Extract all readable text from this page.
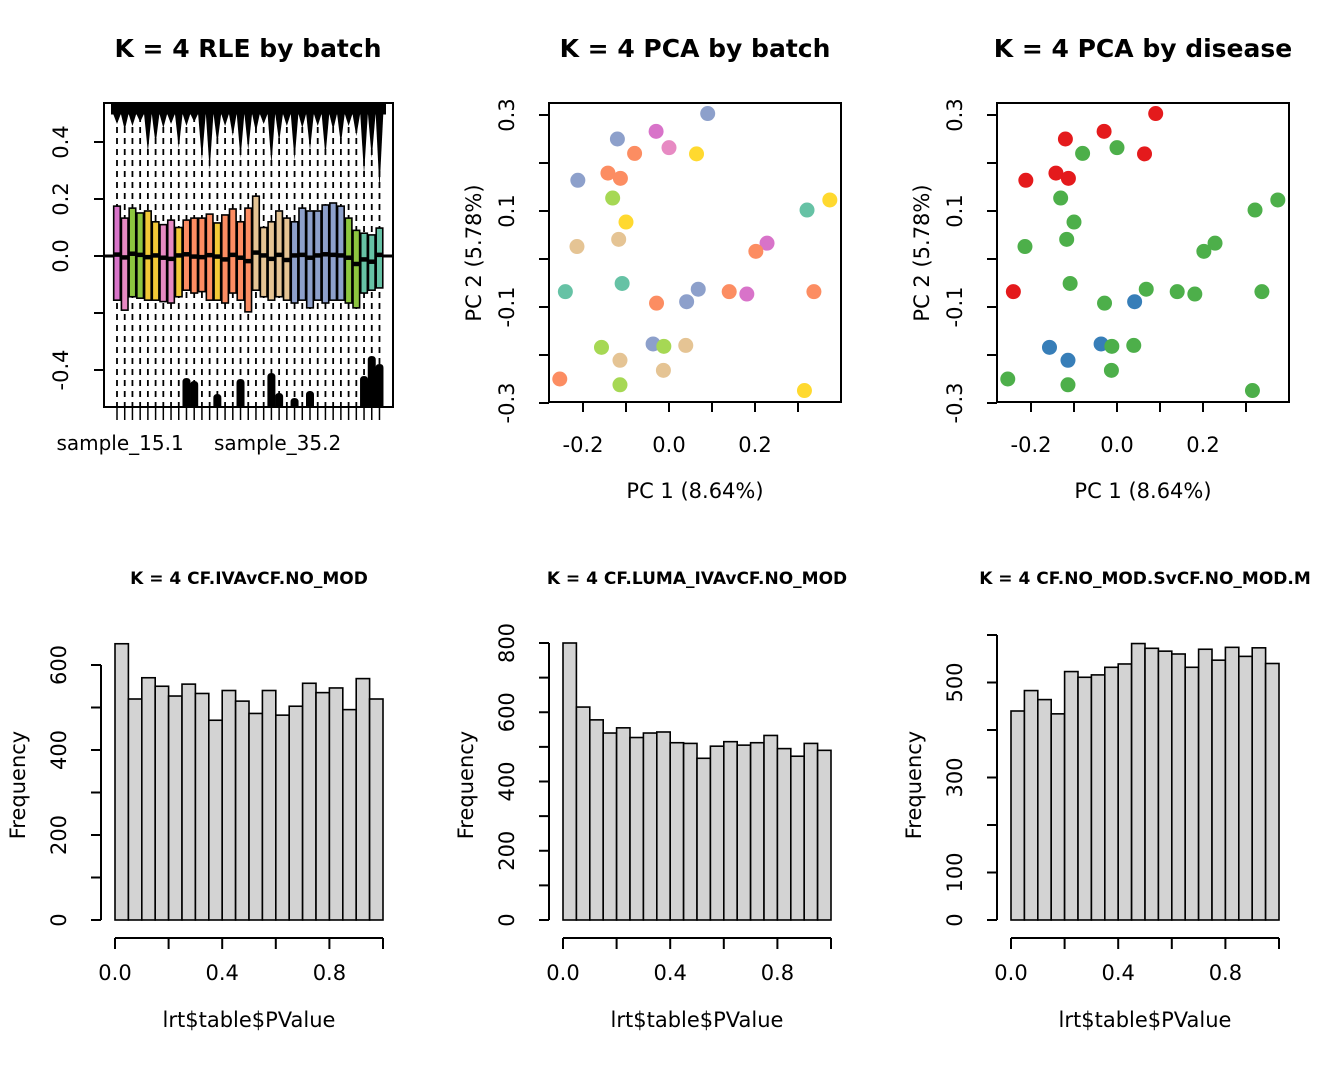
K = 4 RLE by batch
0.4
0.2
0.0
-0.4
sample_15.1 sample_35.2
K = 4 PCA by batch
PC 2 (5.78%)
PC 1 (8.64%)
-0.2 0.0	0.2
0.3
0.1
-0.1
-0.3
K = 4 PCA by disease
PC 2 (5.78%)
PC 1 (8.64%)
-0.2 0.0	0.2
0.3
0.1
-0.1
-0.3
K = 4 CF.IVAvCF.NO_MOD
Frequency
lrt$table$PValue
0
200
400
600
0.0	0.4	0.8
K = 4 CF.LUMA_IVAvCF.NO_MOD
Frequency
lrt$table$PValue
0
200
400
600
800
0.0	0.4	0.8
K = 4 CF.NO_MOD.SvCF.NO_MOD.M
Frequency
lrt$table$PValue
0
100
300
500
0.0	0.4	0.8
